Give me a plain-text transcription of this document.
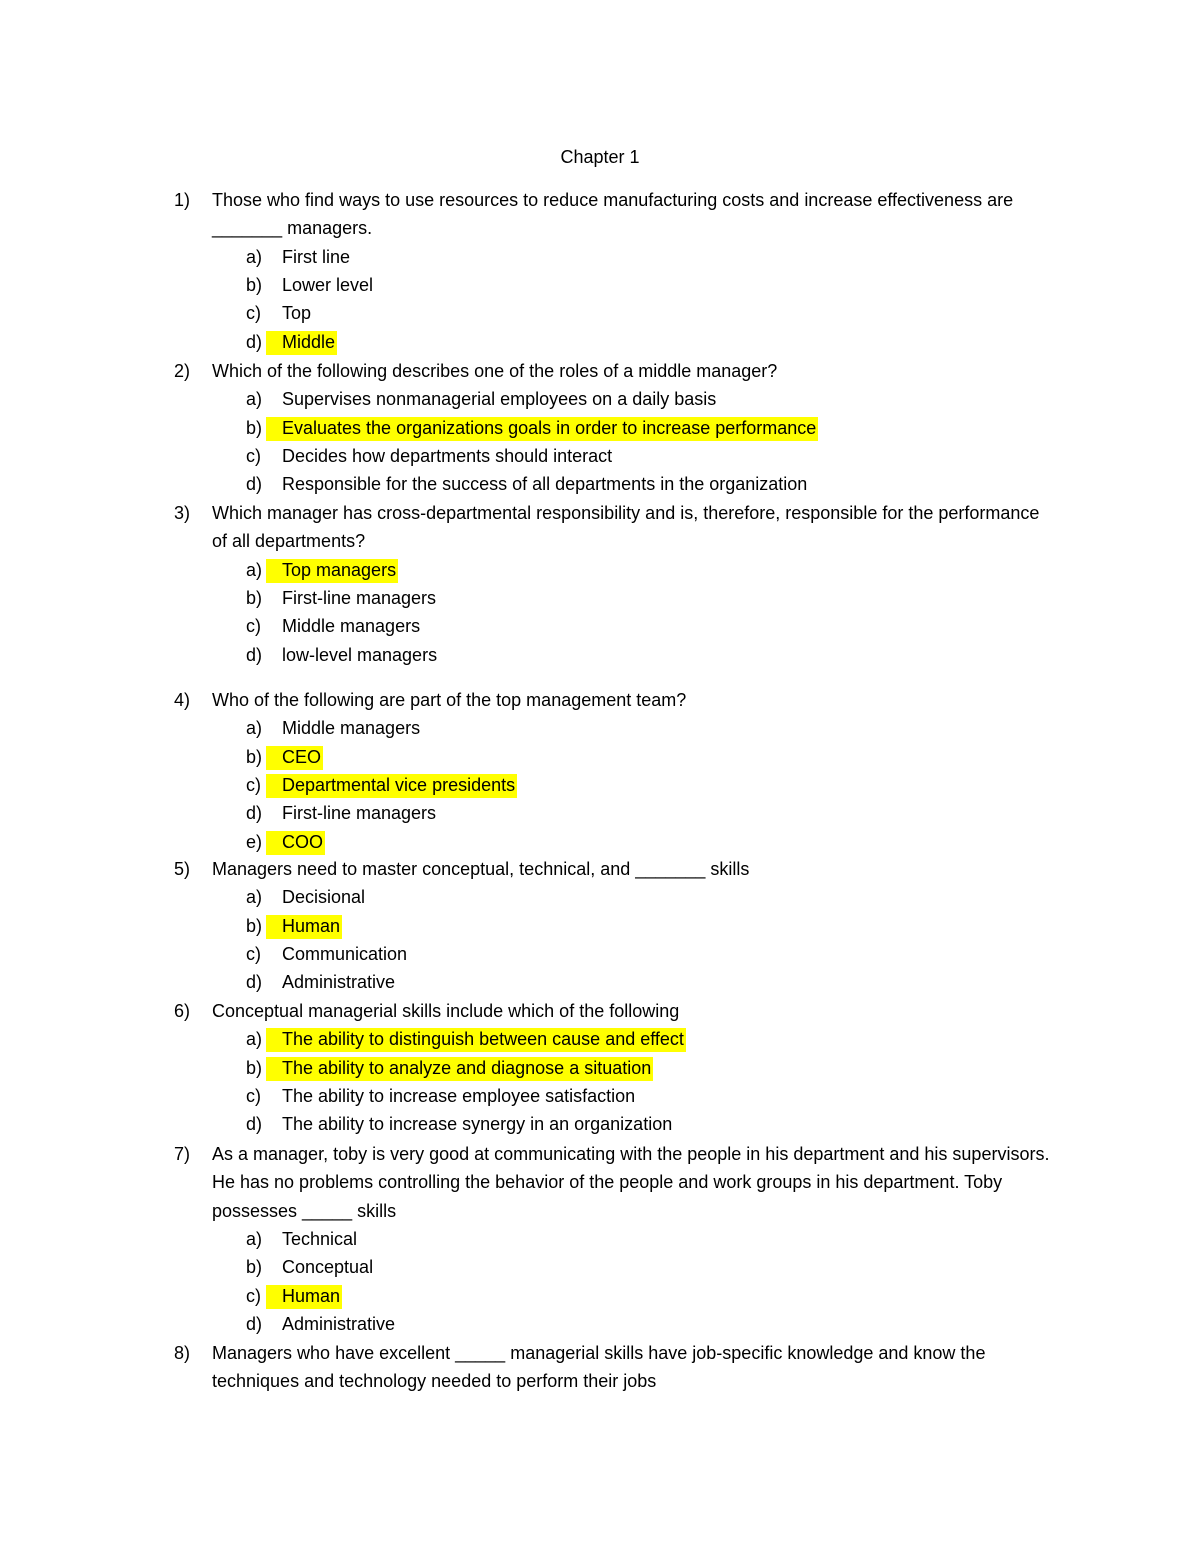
Chapter 1
1)	Those who find ways to use resources to reduce manufacturing costs and increase effectiveness are _______ managers.
a) First line
b) Lower level
c) Top
d) Middle
2)	Which of the following describes one of the roles of a middle manager?
a) Supervises nonmanagerial employees on a daily basis
b) Evaluates the organizations goals in order to increase performance
c) Decides how departments should interact
d) Responsible for the success of all departments in the organization
3)	Which manager has cross-departmental responsibility and is, therefore, responsible for the performance of all departments?
a) Top managers
b) First-line managers
c) Middle managers
d) low-level managers
4)	Who of the following are part of the top management team?
a) Middle managers
b) CEO
c) Departmental vice presidents
d) First-line managers
e) COO
5)	Managers need to master conceptual, technical, and _______ skills
a) Decisional
b) Human
c) Communication
d) Administrative
6)	Conceptual managerial skills include which of the following
a) The ability to distinguish between cause and effect
b) The ability to analyze and diagnose a situation
c) The ability to increase employee satisfaction
d) The ability to increase synergy in an organization
7)	As a manager, toby is very good at communicating with the people in his department and his supervisors. He has no problems controlling the behavior of the people and work groups in his department. Toby possesses _____ skills
a) Technical
b) Conceptual
c) Human
d) Administrative
8)	Managers who have excellent _____ managerial skills have job-specific knowledge and know the techniques and technology needed to perform their jobs
